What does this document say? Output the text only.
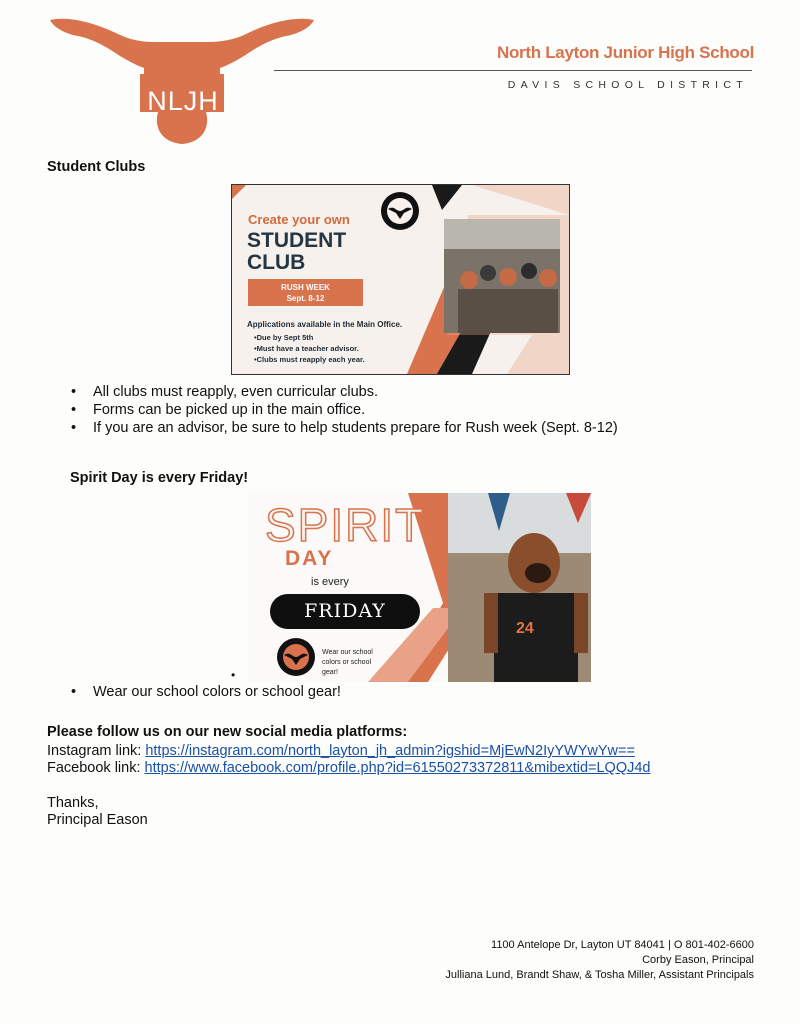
NLJH
North Layton Junior High School
DAVIS SCHOOL DISTRICT
Student Clubs
Create your own
STUDENT
CLUB
RUSH WEEK
Sept. 8-12
Applications available in the Main Office.
• Due by Sept 5th
• Must have a teacher advisor.
• Clubs must reapply each year.
• All clubs must reapply, even curricular clubs.
• Forms can be picked up in the main office.
• If you are an advisor, be sure to help students prepare for Rush week (Sept. 8-12)
Spirit Day is every Friday!
24
SPIRIT
DAY
is every
FRIDAY
Wear our school colors or school gear!
•
• Wear our school colors or school gear!
Please follow us on our new social media platforms:
Instagram link: https://instagram.com/north_layton_jh_admin?igshid=MjEwN2IyYWYwYw==
Facebook link: https://www.facebook.com/profile.php?id=61550273372811&mibextid=LQQJ4d
Thanks,
Principal Eason
1100 Antelope Dr, Layton UT 84041 | O 801-402-6600
Corby Eason, Principal
Julliana Lund, Brandt Shaw, & Tosha Miller, Assistant Principals
